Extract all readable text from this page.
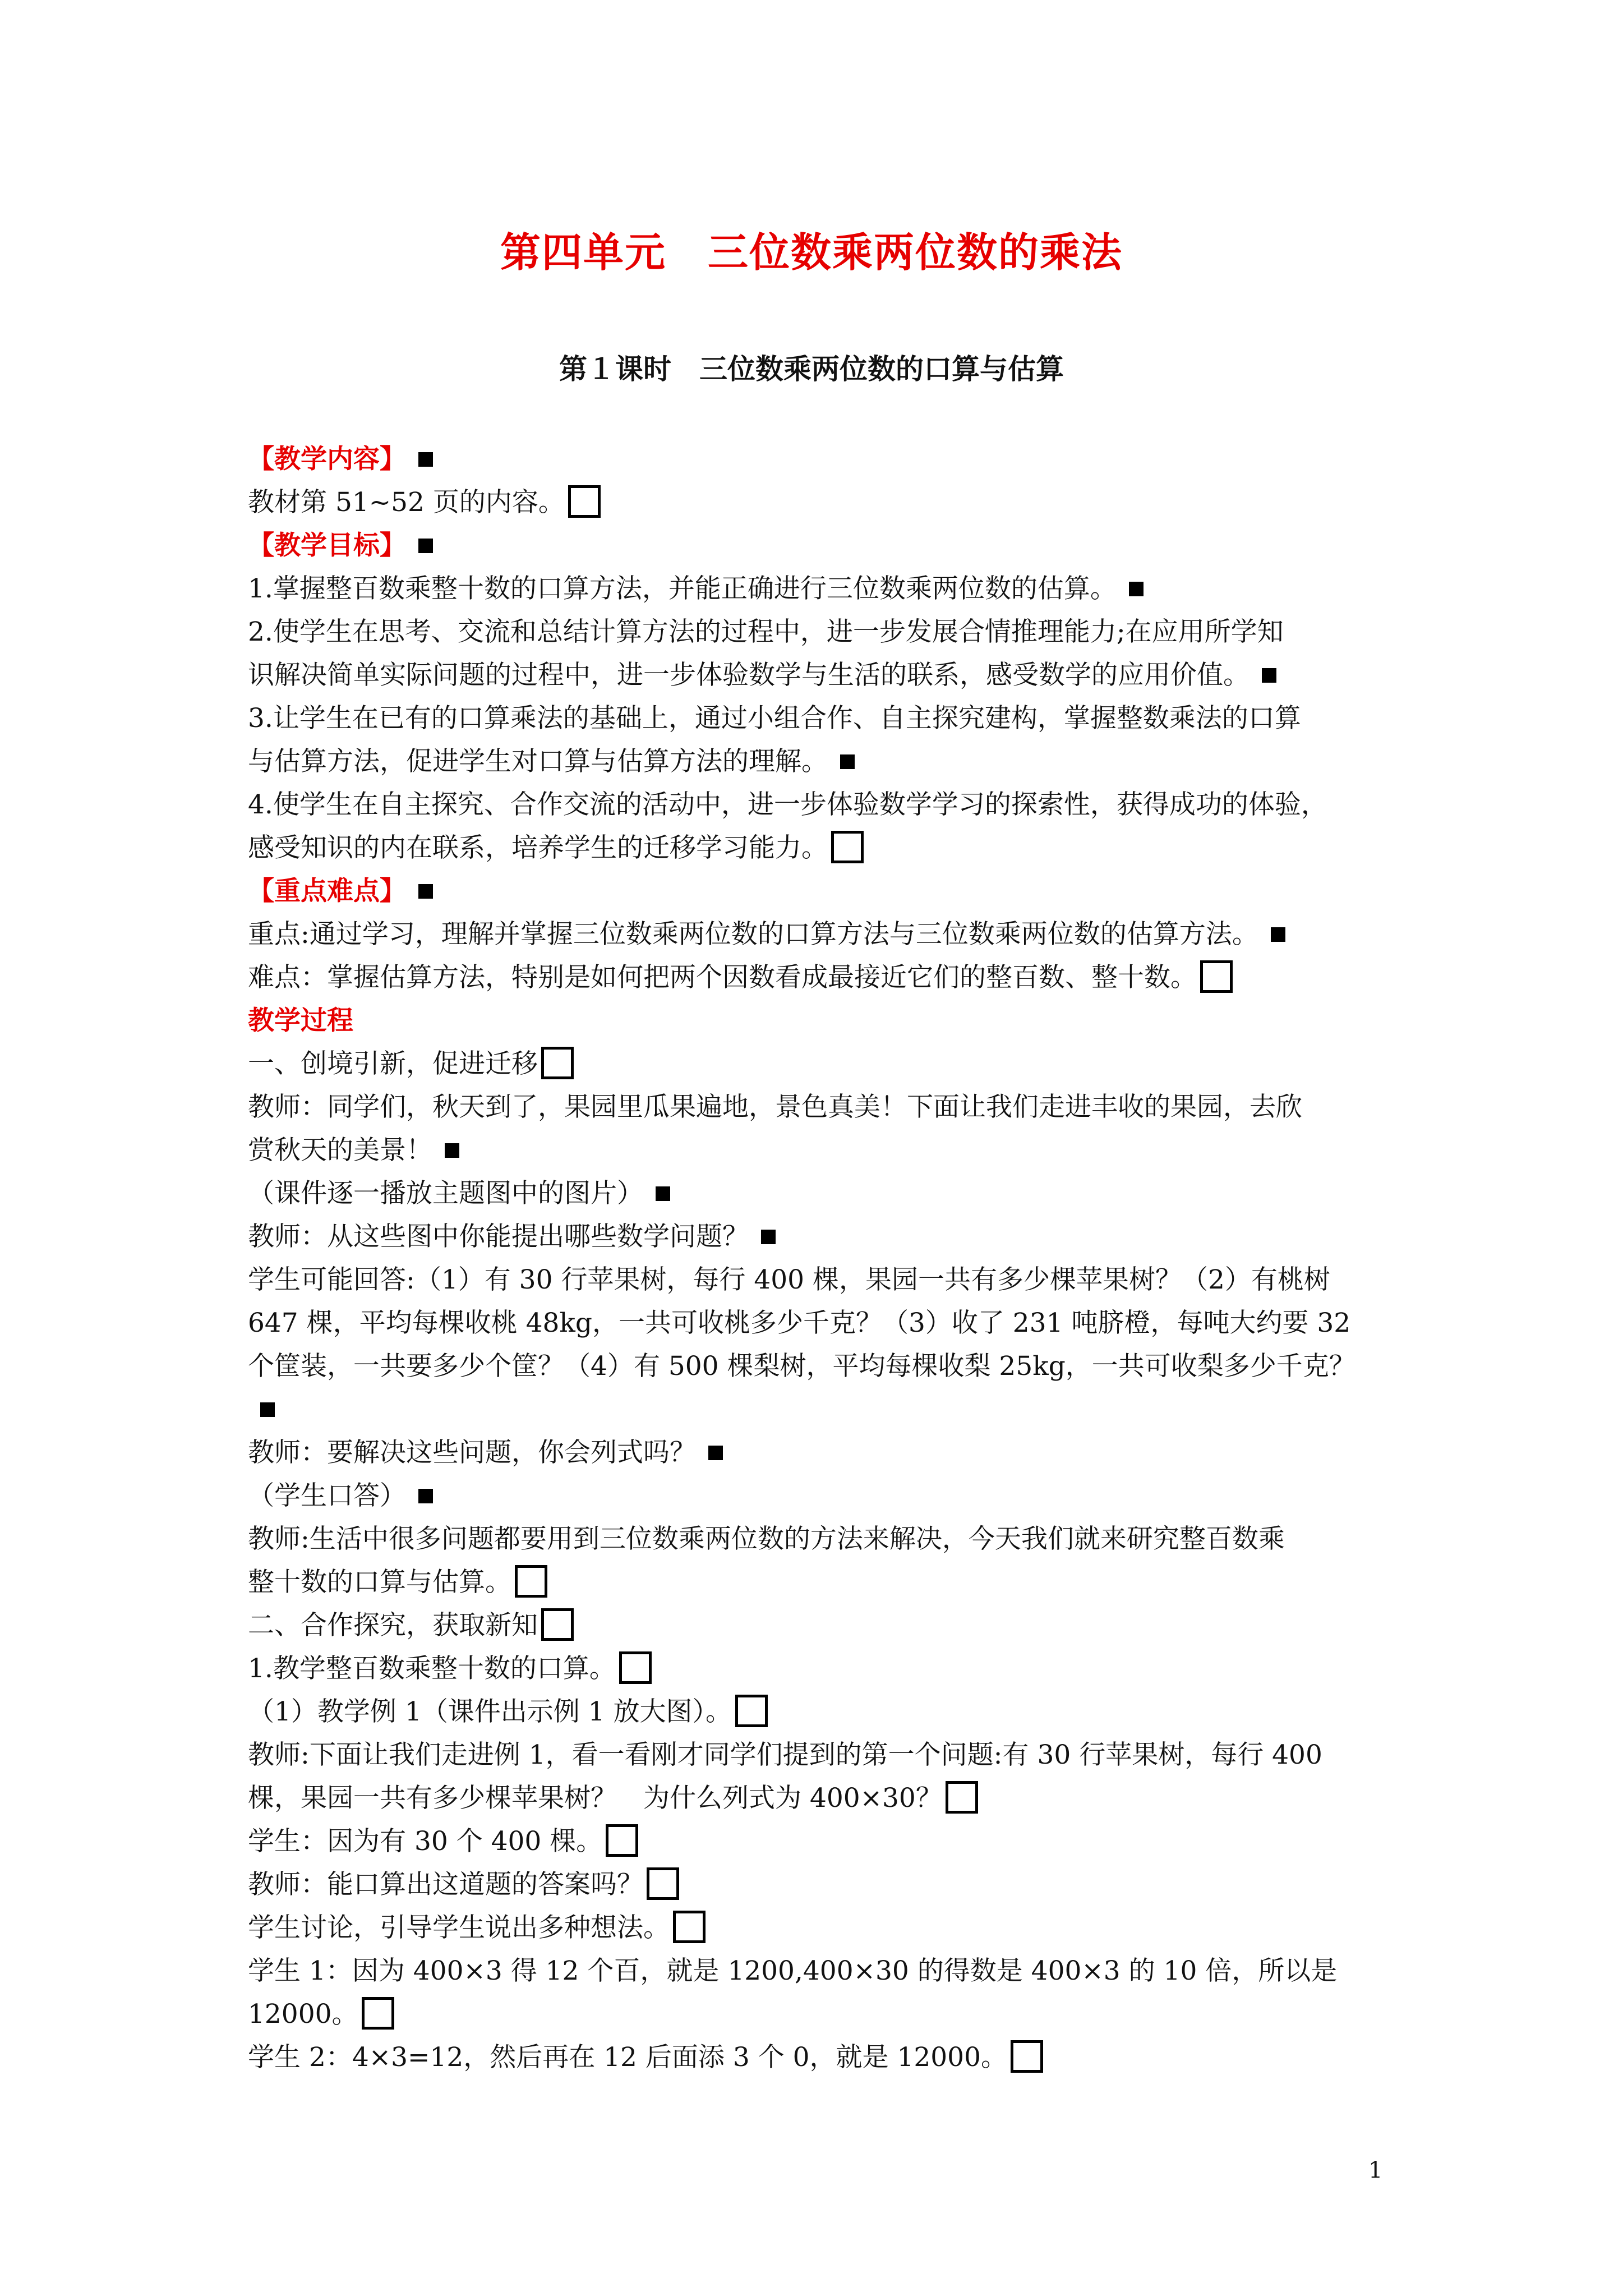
第四单元　三位数乘两位数的乘法
第１课时　三位数乘两位数的口算与估算
【教学内容】
教材第 51~52 页的内容。
【教学目标】
1.掌握整百数乘整十数的口算方法，并能正确进行三位数乘两位数的估算。
2.使学生在思考、交流和总结计算方法的过程中，进一步发展合情推理能力;在应用所学知
识解决简单实际问题的过程中，进一步体验数学与生活的联系，感受数学的应用价值。
3.让学生在已有的口算乘法的基础上，通过小组合作、自主探究建构，掌握整数乘法的口算
与估算方法，促进学生对口算与估算方法的理解。
4.使学生在自主探究、合作交流的活动中，进一步体验数学学习的探索性，获得成功的体验，
感受知识的内在联系，培养学生的迁移学习能力。
【重点难点】
重点:通过学习，理解并掌握三位数乘两位数的口算方法与三位数乘两位数的估算方法。
难点：掌握估算方法，特别是如何把两个因数看成最接近它们的整百数、整十数。
教学过程
一、创境引新，促进迁移
教师：同学们，秋天到了，果园里瓜果遍地，景色真美！下面让我们走进丰收的果园，去欣
赏秋天的美景！
（课件逐一播放主题图中的图片）
教师：从这些图中你能提出哪些数学问题？
学生可能回答:（1）有 30 行苹果树，每行 400 棵，果园一共有多少棵苹果树？（2）有桃树
647 棵，平均每棵收桃 48kg，一共可收桃多少千克？（3）收了 231 吨脐橙，每吨大约要 32
个筐装，一共要多少个筐？（4）有 500 棵梨树，平均每棵收梨 25kg，一共可收梨多少千克？
教师：要解决这些问题，你会列式吗？
（学生口答）
教师:生活中很多问题都要用到三位数乘两位数的方法来解决，今天我们就来研究整百数乘
整十数的口算与估算。
二、合作探究，获取新知
1.教学整百数乘整十数的口算。
（1）教学例 1（课件出示例 1 放大图）。
教师:下面让我们走进例 1，看一看刚才同学们提到的第一个问题:有 30 行苹果树，每行 400
棵，果园一共有多少棵苹果树？　为什么列式为 400×30？
学生：因为有 30 个 400 棵。
教师：能口算出这道题的答案吗？
学生讨论，引导学生说出多种想法。
学生 1：因为 400×3 得 12 个百，就是 1200,400×30 的得数是 400×3 的 10 倍，所以是
12000。
学生 2：4×3=12，然后再在 12 后面添 3 个 0，就是 12000。
1
